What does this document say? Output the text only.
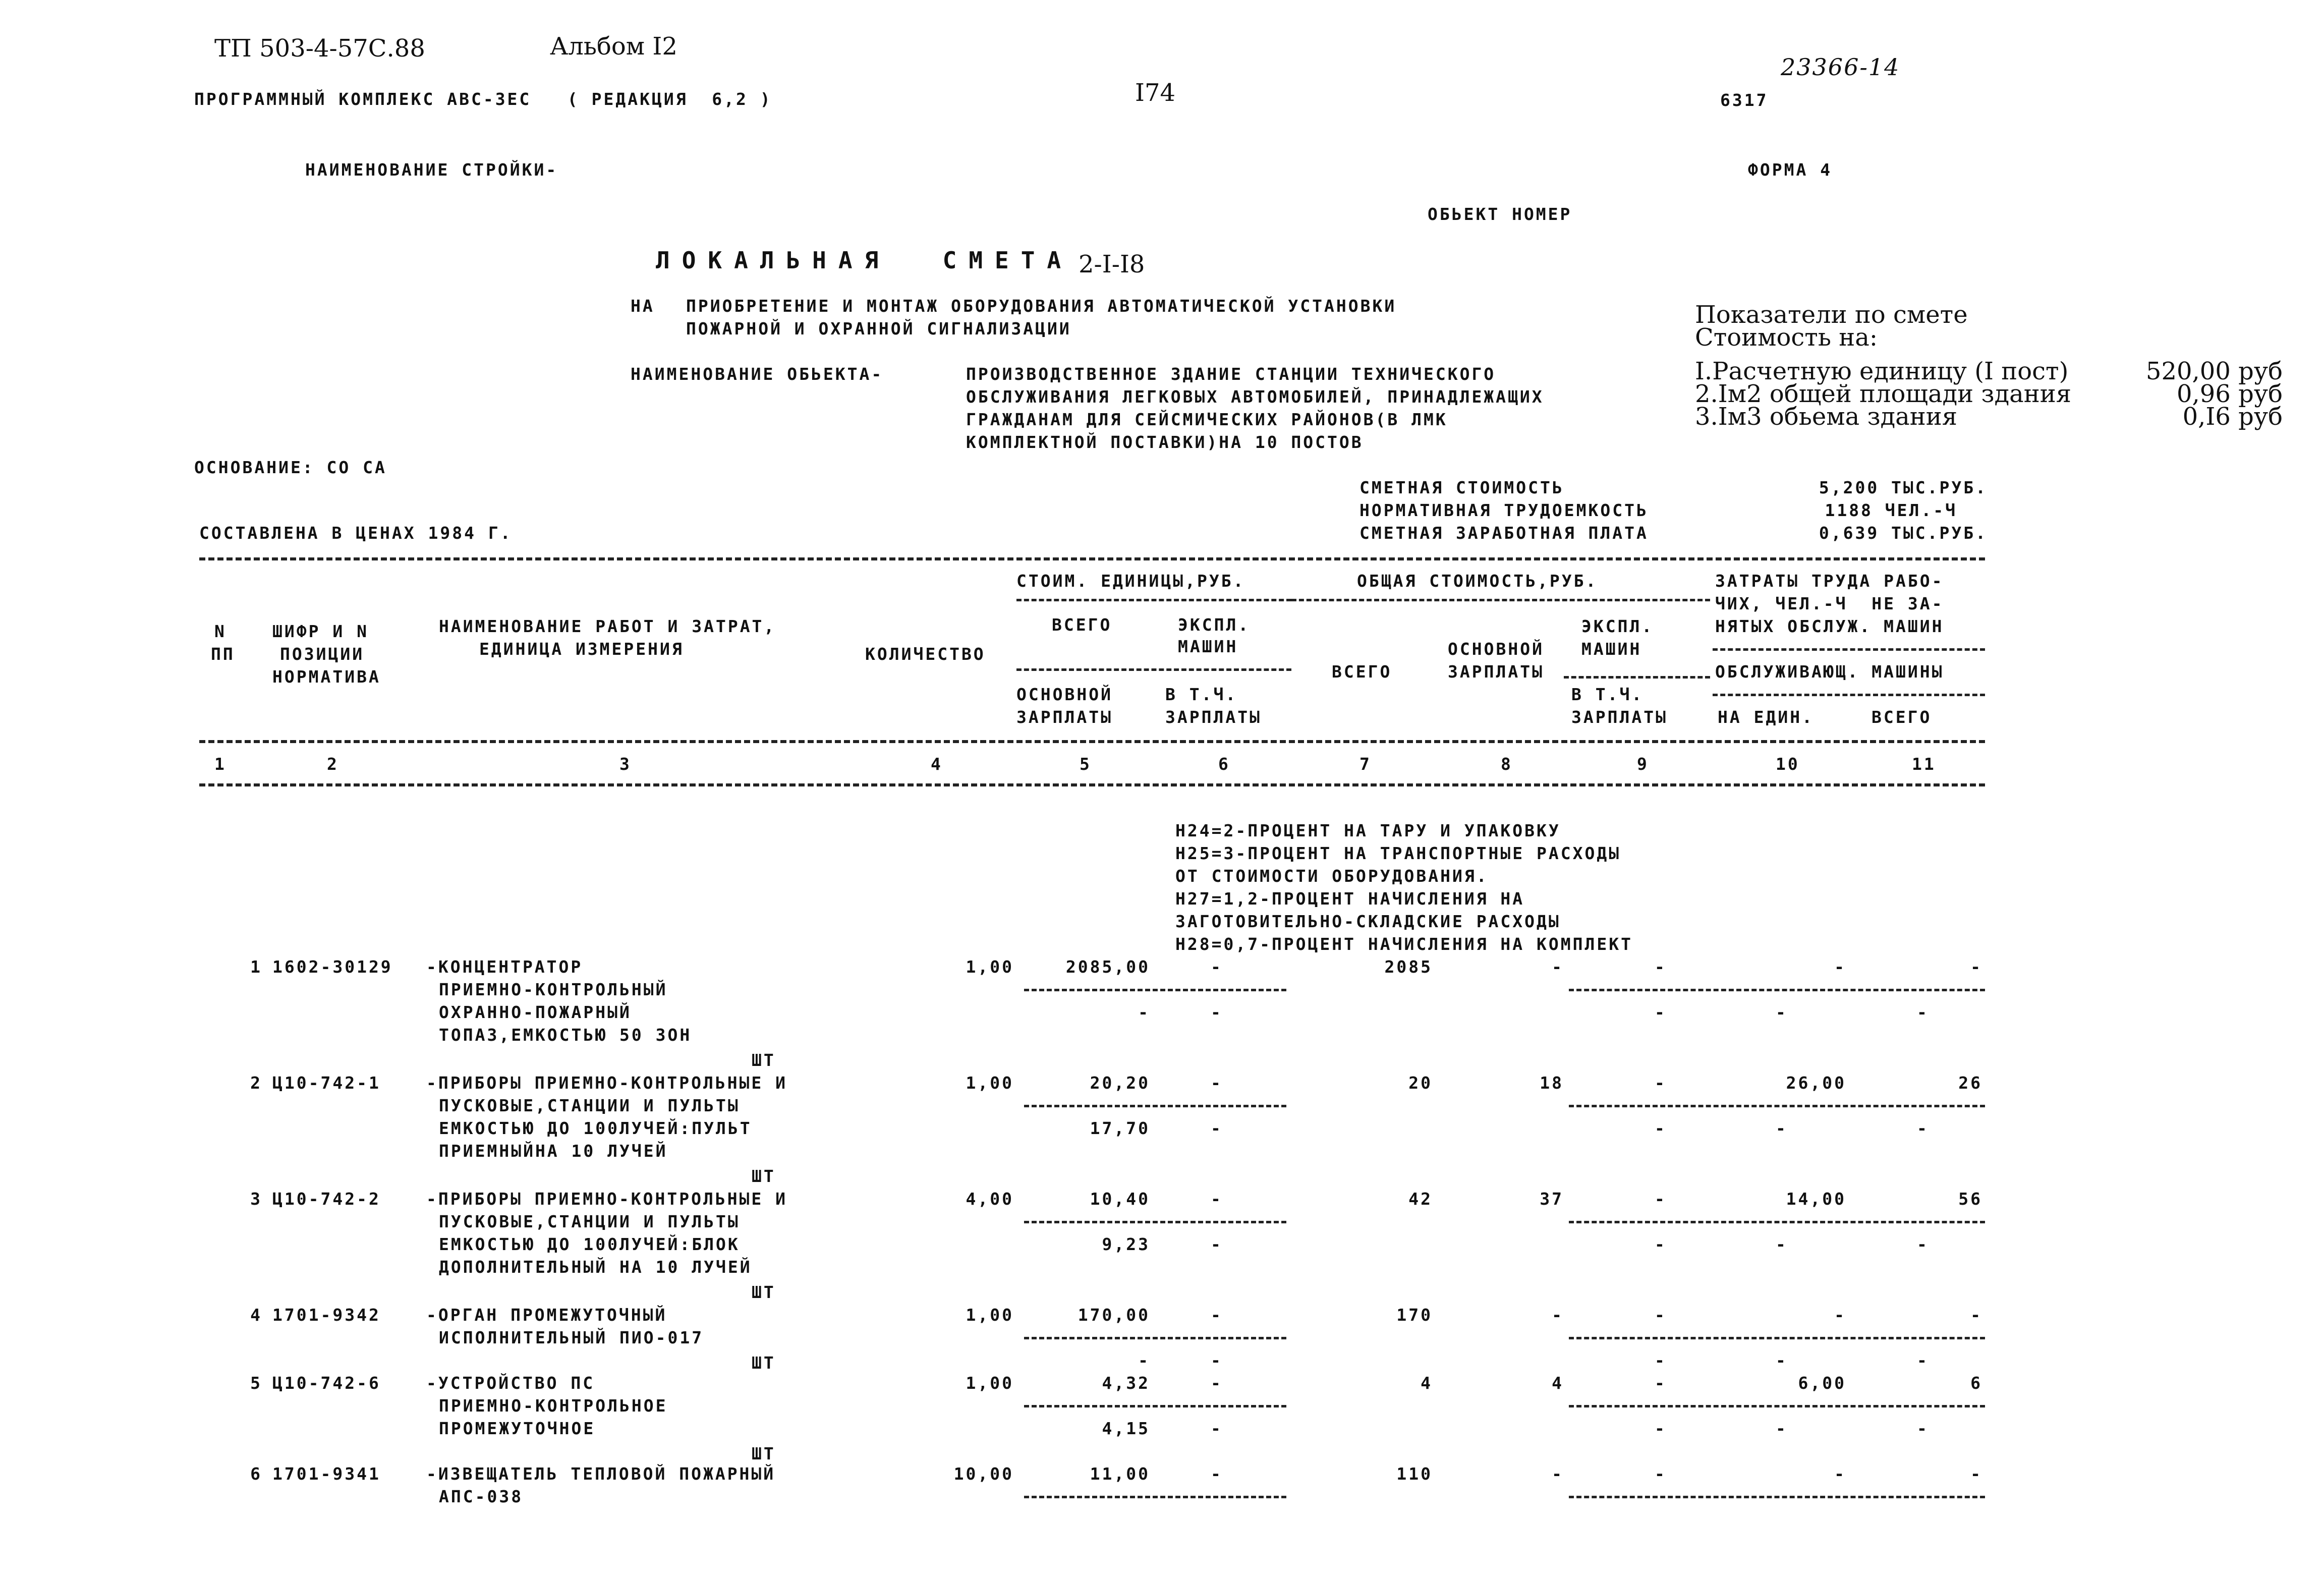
ТП 503-4-57С.88	Альбом I2
I74
23366-14
ПРОГРАММНЫЙ КОМПЛЕКС АВС-ЗЕС   ( РЕДАКЦИЯ  6,2 )	6317
НАИМЕНОВАНИЕ СТРОЙКИ-	ФОРМА 4
ОБЬЕКТ НОМЕР
ЛОКАЛЬНАЯ  СМЕТА 2-I-I8
НА ПРИОБРЕТЕНИЕ И МОНТАЖ ОБОРУДОВАНИЯ АВТОМАТИЧЕСКОЙ УСТАНОВКИ
ПОЖАРНОЙ И ОХРАННОЙ СИГНАЛИЗАЦИИ
НАИМЕНОВАНИЕ ОБЬЕКТА-	ПРОИЗВОДСТВЕННОЕ ЗДАНИЕ СТАНЦИИ ТЕХНИЧЕСКОГО
ОБСЛУЖИВАНИЯ ЛЕГКОВЫХ АВТОМОБИЛЕЙ, ПРИНАДЛЕЖАЩИХ
ГРАЖДАНАМ ДЛЯ СЕЙСМИЧЕСКИХ РАЙОНОВ(В ЛМК
КОМПЛЕКТНОЙ ПОСТАВКИ)НА 10 ПОСТОВ
Показатели по смете
Стоимость на:
I.Расчетную единицу (I пост)	520,00 руб
2.Iм2 общей площади здания	0,96 руб
3.Iм3 обьема здания	0,I6 руб
ОСНОВАНИЕ: СО СА
СМЕТНАЯ СТОИМОСТЬ	5,200 ТЫС.РУБ.
НОРМАТИВНАЯ ТРУДОЕМКОСТЬ	1188 ЧЕЛ.-Ч
СМЕТНАЯ ЗАРАБОТНАЯ ПЛАТА	0,639 ТЫС.РУБ.
СОСТАВЛЕНА В ЦЕНАХ 1984 Г.
N
ПП
ШИФР И N
ПОЗИЦИИ
НОРМАТИВА
НАИМЕНОВАНИЕ РАБОТ И ЗАТРАТ,
ЕДИНИЦА ИЗМЕРЕНИЯ	КОЛИЧЕСТВО
СТОИМ. ЕДИНИЦЫ,РУБ.
ВСЕГО	ЭКСПЛ.
МАШИН
ОСНОВНОЙ
ЗАРПЛАТЫ
В Т.Ч.
ЗАРПЛАТЫ
ОБЩАЯ СТОИМОСТЬ,РУБ.
ВСЕГО
ОСНОВНОЙ
ЗАРПЛАТЫ
ЭКСПЛ.
МАШИН
В Т.Ч.
ЗАРПЛАТЫ
ЗАТРАТЫ ТРУДА РАБО-
ЧИХ, ЧЕЛ.-Ч  НЕ ЗА-
НЯТЫХ ОБСЛУЖ. МАШИН
ОБСЛУЖИВАЮЩ. МАШИНЫ
НА ЕДИН.	ВСЕГО
1	2	3	4	5	6	7	8	9	10	11
Н24=2-ПРОЦЕНТ НА ТАРУ И УПАКОВКУ
Н25=3-ПРОЦЕНТ НА ТРАНСПОРТНЫЕ РАСХОДЫ
ОТ СТОИМОСТИ ОБОРУДОВАНИЯ.
Н27=1,2-ПРОЦЕНТ НАЧИСЛЕНИЯ НА
ЗАГОТОВИТЕЛЬНО-СКЛАДСКИЕ РАСХОДЫ
Н28=0,7-ПРОЦЕНТ НАЧИСЛЕНИЯ НА КОМПЛЕКТ
1 1602-30129 -КОНЦЕНТРАТОР
ПРИЕМНО-КОНТРОЛЬНЫЙ
ОХРАННО-ПОЖАРНЫЙ
ТОПАЗ,ЕМКОСТЬЮ 50 ЗОН
ШТ
1,00	2085,00	-	2085	-	-	-	-
-	-	-	-	-
2 Ц10-742-1	-ПРИБОРЫ ПРИЕМНО-КОНТРОЛЬНЫЕ И
ПУСКОВЫЕ,СТАНЦИИ И ПУЛЬТЫ
ЕМКОСТЬЮ ДО 100ЛУЧЕЙ:ПУЛЬТ
ПРИЕМНЫЙНА 10 ЛУЧЕЙ
ШТ
1,00	20,20	-	20	18	-	26,00	26
17,70	-	-	-	-
3 Ц10-742-2	-ПРИБОРЫ ПРИЕМНО-КОНТРОЛЬНЫЕ И
ПУСКОВЫЕ,СТАНЦИИ И ПУЛЬТЫ
ЕМКОСТЬЮ ДО 100ЛУЧЕЙ:БЛОК
ДОПОЛНИТЕЛЬНЫЙ НА 10 ЛУЧЕЙ
ШТ
4,00	10,40	-	42	37	-	14,00	56
9,23	-	-	-	-
4 1701-9342	-ОРГАН ПРОМЕЖУТОЧНЫЙ
ИСПОЛНИТЕЛЬНЫЙ ПИО-017
ШТ
1,00	170,00	-	170	-	-	-	-
-	-	-	-	-
5 Ц10-742-6	-УСТРОЙСТВО ПС
ПРИЕМНО-КОНТРОЛЬНОЕ
ПРОМЕЖУТОЧНОЕ
ШТ
1,00	4,32	-	4	4	-	6,00	6
4,15	-	-	-	-
6 1701-9341	-ИЗВЕЩАТЕЛЬ ТЕПЛОВОЙ ПОЖАРНЫЙ
АПС-038
10,00	11,00	-	110	-	-	-	-
